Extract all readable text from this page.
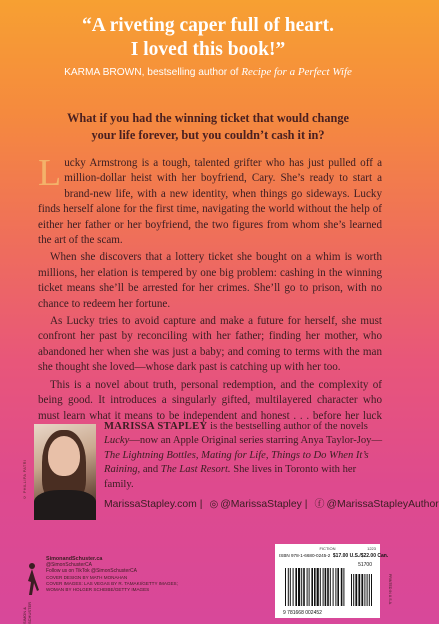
“A riveting caper full of heart.
I loved this book!”
KARMA BROWN, bestselling author of Recipe for a Perfect Wife
What if you had the winning ticket that would change
your life forever, but you couldn’t cash it in?

Lucky Armstrong is a tough, talented grifter who has just pulled off a million-dollar heist with her boyfriend, Cary. She’s ready to start a brand-new life, with a new identity, when things go sideways. Lucky finds herself alone for the first time, navigating the world without the help of either her father or her boyfriend, the two figures from whom she’s learned the art of the scam.

When she discovers that a lottery ticket she bought on a whim is worth millions, her elation is tempered by one big problem: cashing in the winning ticket means she’ll be arrested for her crimes. She’ll go to prison, with no chance to redeem her fortune.

As Lucky tries to avoid capture and make a future for herself, she must confront her past by reconciling with her father; finding her mother, who abandoned her when she was just a baby; and coming to terms with the man she thought she loved—whose dark past is catching up with her too.

This is a novel about truth, personal redemption, and the complexity of being good. It introduces a singularly gifted, multilayered character who must learn what it means to be independent and honest . . . before her luck

© PHILLIPA PATRI
MARISSA STAPLEY is the bestselling author of the novels Lucky—now an Apple Original series starring Anya Taylor-Joy—The Lightning Bottles, Mating for Life, Things to Do When It’s Raining, and The Last Resort. She lives in Toronto with her family.
MarissaStapley.com | ◎ @MarissaStapley | ⓕ @MarissaStapleyAuthor
SIMON & SCHUSTER
SimonandSchuster.ca
@SimonSchusterCA
Follow us on TikTok @SimonSchusterCA
COVER DESIGN BY MATH MONAHAN
COVER IMAGES: LAS VEGAS BY R. TAMAKI/GETTY IMAGES;
WOMAN BY HOLGER SCHEIBE/GETTY IMAGES
FICTION	1223
ISBN 978-1-6680-0245-2 $17.00 U.S./$22.00 Can.
51700
9 781668 002452
PRINTED IN U.S.A.
